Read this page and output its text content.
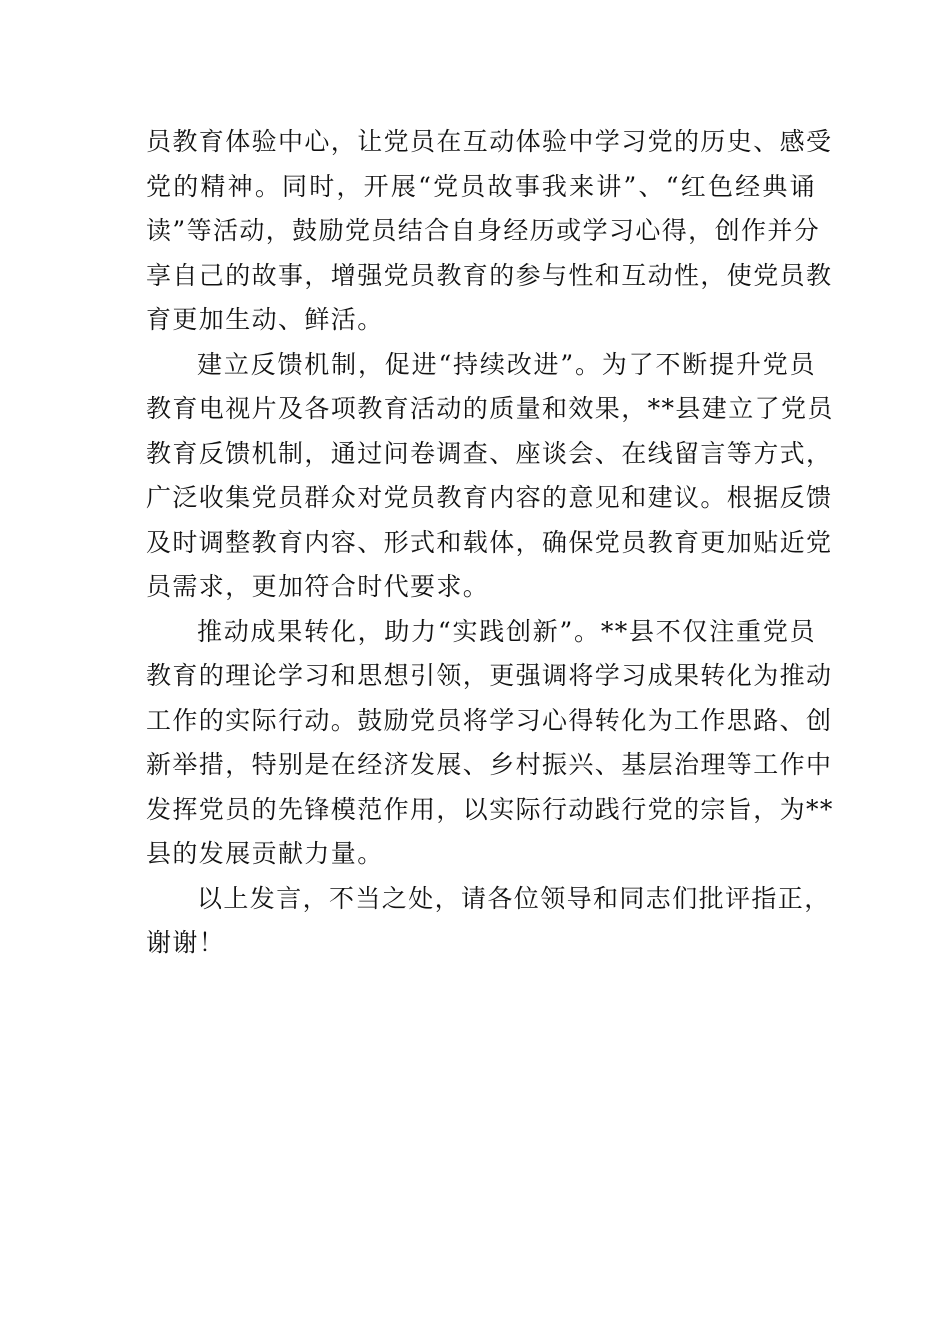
员教育体验中心，让党员在互动体验中学习党的历史、感受
党的精神。同时，开展“党员故事我来讲”、“红色经典诵
读”等活动，鼓励党员结合自身经历或学习心得，创作并分
享自己的故事，增强党员教育的参与性和互动性，使党员教
育更加生动、鲜活。
建立反馈机制，促进“持续改进”。为了不断提升党员
教育电视片及各项教育活动的质量和效果，**县建立了党员
教育反馈机制，通过问卷调查、座谈会、在线留言等方式，
广泛收集党员群众对党员教育内容的意见和建议。根据反馈
及时调整教育内容、形式和载体，确保党员教育更加贴近党
员需求，更加符合时代要求。
推动成果转化，助力“实践创新”。**县不仅注重党员
教育的理论学习和思想引领，更强调将学习成果转化为推动
工作的实际行动。鼓励党员将学习心得转化为工作思路、创
新举措，特别是在经济发展、乡村振兴、基层治理等工作中
发挥党员的先锋模范作用，以实际行动践行党的宗旨，为**
县的发展贡献力量。
以上发言，不当之处，请各位领导和同志们批评指正，
谢谢！
